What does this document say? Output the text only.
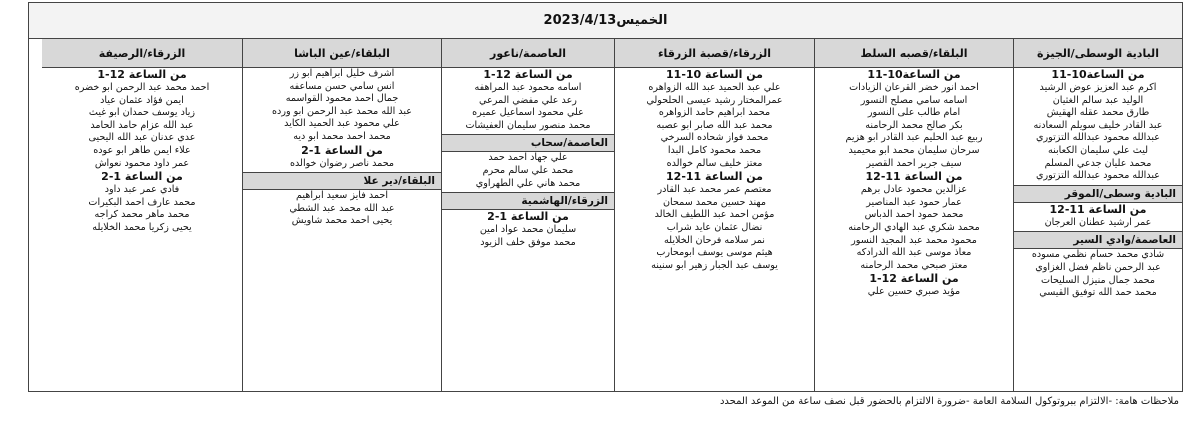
الخميس2023/4/13
البادية الوسطى/الجيزة
من الساعة10-11
اكرم عبد العزيز عوض الرشيد
الوليد عبد سالم الغثيان
طارق محمد عقله الهقيش
عبد القادر خليف سويلم السعادنه
عبدالله محمود عبدالله التزتوري
ليث علي سليمان الكعابنه
محمد عليان جدعي المسلم
عبدالله محمود عبدالله التزتوري
البادية وسطى/الموقر
من الساعة 11-12
عمر ارشيد عطنان العرجان
العاصمة/وادي السير
شادي محمد حسام نظمي مسوده
عبد الرحمن ناظم فضل الغزاوي
محمد جمال منيزل السليحات
محمد حمد الله توفيق القيسي
البلقاء/قصبه السلط
من الساعة10-11
احمد انور خضر القرعان الزيادات
اسامه سامي مصلح النسور
امام طالب على النسور
بكر صالح محمد الرحامنه
ربيع عبد الحليم عبد القادر ابو هزيم
سرحان سليمان محمد ابو محيميد
سيف جرير احمد القصير
من الساعة 11-12
عزالدين محمود عادل برهم
عمار حمود عبد المناصير
محمد حمود احمد الدباس
محمد شكري عبد الهادي الرحامنه
محمود محمد عبد المجيد النسور
معاذ موسى عبد الله الدرادكه
معتز صبحي محمد الرحامنه
من الساعة 12-1
مؤيد صبري حسين علي
الزرقاء/قصبة الزرقاء
من الساعة 10-11
علي عبد الحميد عبد الله الزواهره
عمرالمختار رشيد عيسى الحلحولي
محمد ابراهيم حامد الزواهره
محمد عبد الله صابر ابو عصبه
محمد فواز شحاده السرخي
محمد محمود كامل البدا
معتز خليف سالم خوالده
من الساعة 11-12
معتصم عمر محمد عبد القادر
مهند حسين محمد سمحان
مؤمن احمد عبد اللطيف الخالد
نضال عثمان عايد شراب
نمر سلامه فرحان الخلايله
هيثم موسى يوسف ابومحارب
يوسف عبد الجبار زهير ابو سنينه
العاصمة/ناعور
من الساعة 12-1
اسامه محمود عبد المراهفه
رعد علي مفضي المرعي
علي محمود اسماعيل عميره
محمد منصور سليمان العفيشات
العاصمة/سحاب
علي جهاد احمد حمد
محمد علي سالم محرم
محمد هاني علي الطهراوي
الزرقاء/الهاشمية
من الساعة 1-2
سليمان محمد عواد امين
محمد موفق خلف الزيود
البلقاء/عين الباشا
اشرف خليل ابراهيم ابو زر
انس سامي حسن مساعفه
جمال احمد محمود القواسمه
عبد الله محمد عبد الرحمن ابو ورده
علي محمود عبد الحميد الكايد
محمد احمد محمد ابو ديه
من الساعة 1-2
محمد ناصر رضوان خوالده
البلقاء/دير علا
احمد فايز سعيد ابراهيم
عبد الله محمد عبد الشطي
يحيى احمد محمد شاويش
الزرقاء/الرصيفة
من الساعة 12-1
احمد محمد عبد الرحمن ابو خضره
ايمن فؤاد عثمان عياد
زياد يوسف حمدان ابو غيث
عبد الله عزام حامد الحامد
عدي عدنان عبد الله اليحيى
علاء ايمن طاهر ابو عوده
عمر داود محمود نعواش
من الساعة 1-2
فادي عمر عبد داود
محمد عارف احمد البكيرات
محمد ماهر محمد كراجه
يحيى زكريا محمد الخلايله
ملاحظات هامة: -الالتزام ببروتوكول السلامة العامة -ضرورة الالتزام بالحضور قبل نصف ساعة من الموعد المحدد
